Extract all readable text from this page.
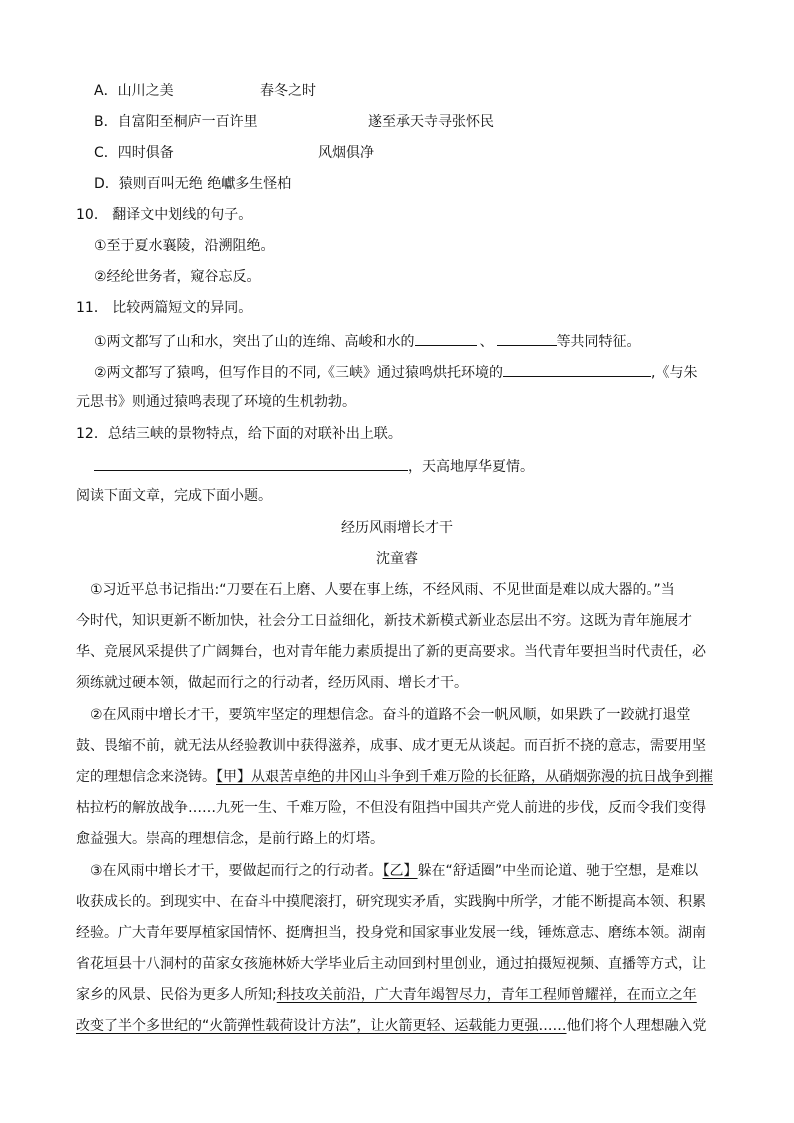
A．山川之美	春冬之时
B．自富阳至桐庐一百许里	遂至承天寺寻张怀民
C．四时俱备	风烟俱净
D．猿则百叫无绝 绝巘多生怪柏
10． 翻译文中划线的句子。
①至于夏水襄陵，沿溯阻绝。
②经纶世务者，窥谷忘反。
11． 比较两篇短文的异同。
①两文都写了山和水，突出了山的连绵、高峻和水的	、	等共同特征。
②两文都写了猿鸣，但写作目的不同,《三峡》通过猿鸣烘托环境的	,《与朱
元思书》则通过猿鸣表现了环境的生机勃勃。
12．总结三峡的景物特点，给下面的对联补出上联。
，天高地厚华夏情。
阅读下面文章，完成下面小题。
经历风雨增长才干
沈童睿
①习近平总书记指出:“刀要在石上磨、人要在事上练，不经风雨、不见世面是难以成大器的。”当
今时代，知识更新不断加快，社会分工日益细化，新技术新模式新业态层出不穷。这既为青年施展才
华、竞展风采提供了广阔舞台，也对青年能力素质提出了新的更高要求。当代青年要担当时代责任，必
须练就过硬本领，做起而行之的行动者，经历风雨、增长才干。
②在风雨中增长才干，要筑牢坚定的理想信念。奋斗的道路不会一帆风顺，如果跌了一跤就打退堂
鼓、畏缩不前，就无法从经验教训中获得滋养，成事、成才更无从谈起。而百折不挠的意志，需要用坚
定的理想信念来浇铸。【甲】从艰苦卓绝的井冈山斗争到千难万险的长征路，从硝烟弥漫的抗日战争到摧
枯拉朽的解放战争……九死一生、千难万险，不但没有阻挡中国共产党人前进的步伐，反而令我们变得
愈益强大。崇高的理想信念，是前行路上的灯塔。
③在风雨中增长才干，要做起而行之的行动者。【乙】躲在“舒适圈”中坐而论道、驰于空想，是难以
收获成长的。到现实中、在奋斗中摸爬滚打，研究现实矛盾，实践胸中所学，才能不断提高本领、积累
经验。广大青年要厚植家国情怀、挺膺担当，投身党和国家事业发展一线，锤炼意志、磨练本领。湖南
省花垣县十八洞村的苗家女孩施林娇大学毕业后主动回到村里创业，通过拍摄短视频、直播等方式，让
家乡的风景、民俗为更多人所知;科技攻关前沿，广大青年竭智尽力，青年工程师曾耀祥，在而立之年
改变了半个多世纪的“火箭弹性载荷设计方法”，让火箭更轻、运载能力更强……他们将个人理想融入党
